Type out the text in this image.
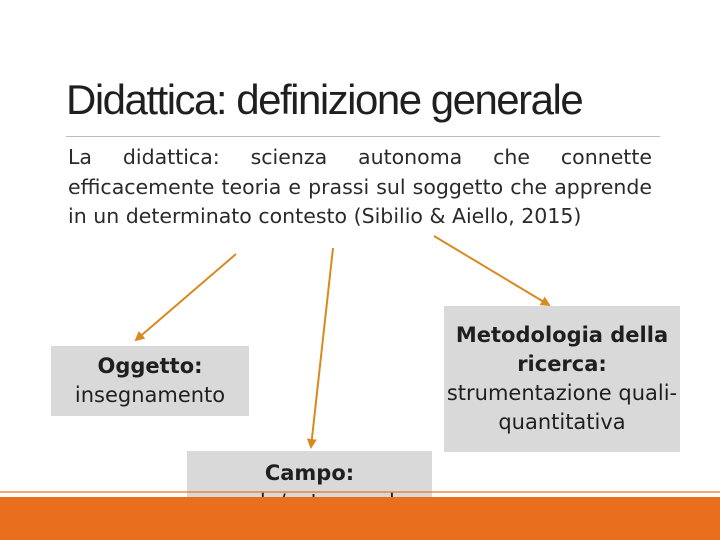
Didattica: definizione generale
La didattica: scienza autonoma che connette efficacemente teoria e prassi sul soggetto che apprende in un determinato contesto (Sibilio & Aiello, 2015)
Oggetto:
insegnamento
Campo:
Metodologia della ricerca:
strumentazione quali-quantitativa
